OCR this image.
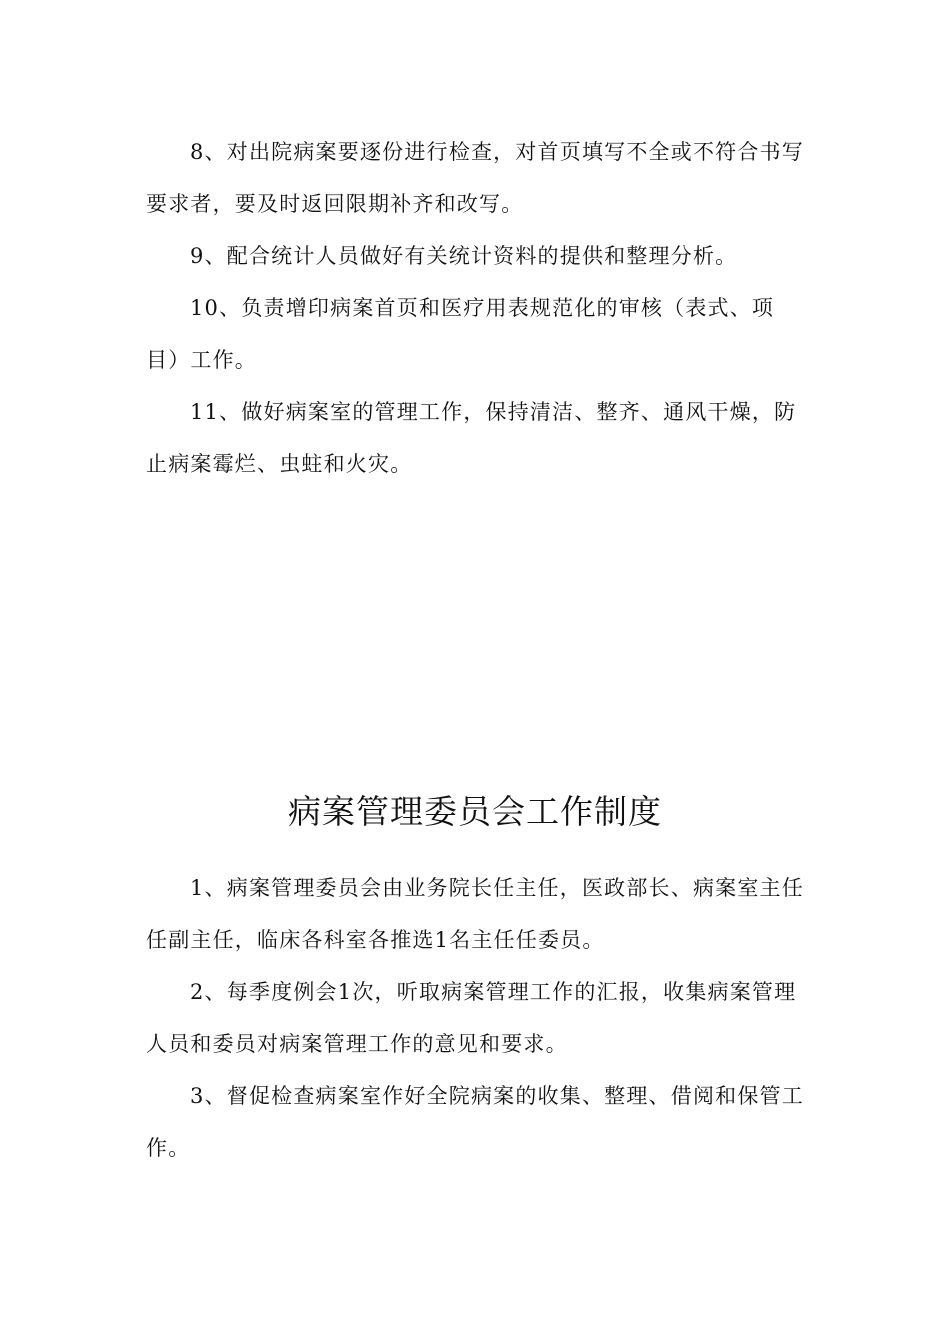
8、对出院病案要逐份进行检查，对首页填写不全或不符合书写要求者，要及时返回限期补齐和改写。

9、配合统计人员做好有关统计资料的提供和整理分析。

10、负责增印病案首页和医疗用表规范化的审核（表式、项目）工作。

11、做好病案室的管理工作，保持清洁、整齐、通风干燥，防止病案霉烂、虫蛀和火灾。

病案管理委员会工作制度

1、病案管理委员会由业务院长任主任，医政部长、病案室主任任副主任，临床各科室各推选1名主任任委员。

2、每季度例会1次，听取病案管理工作的汇报，收集病案管理人员和委员对病案管理工作的意见和要求。

3、督促检查病案室作好全院病案的收集、整理、借阅和保管工作。
